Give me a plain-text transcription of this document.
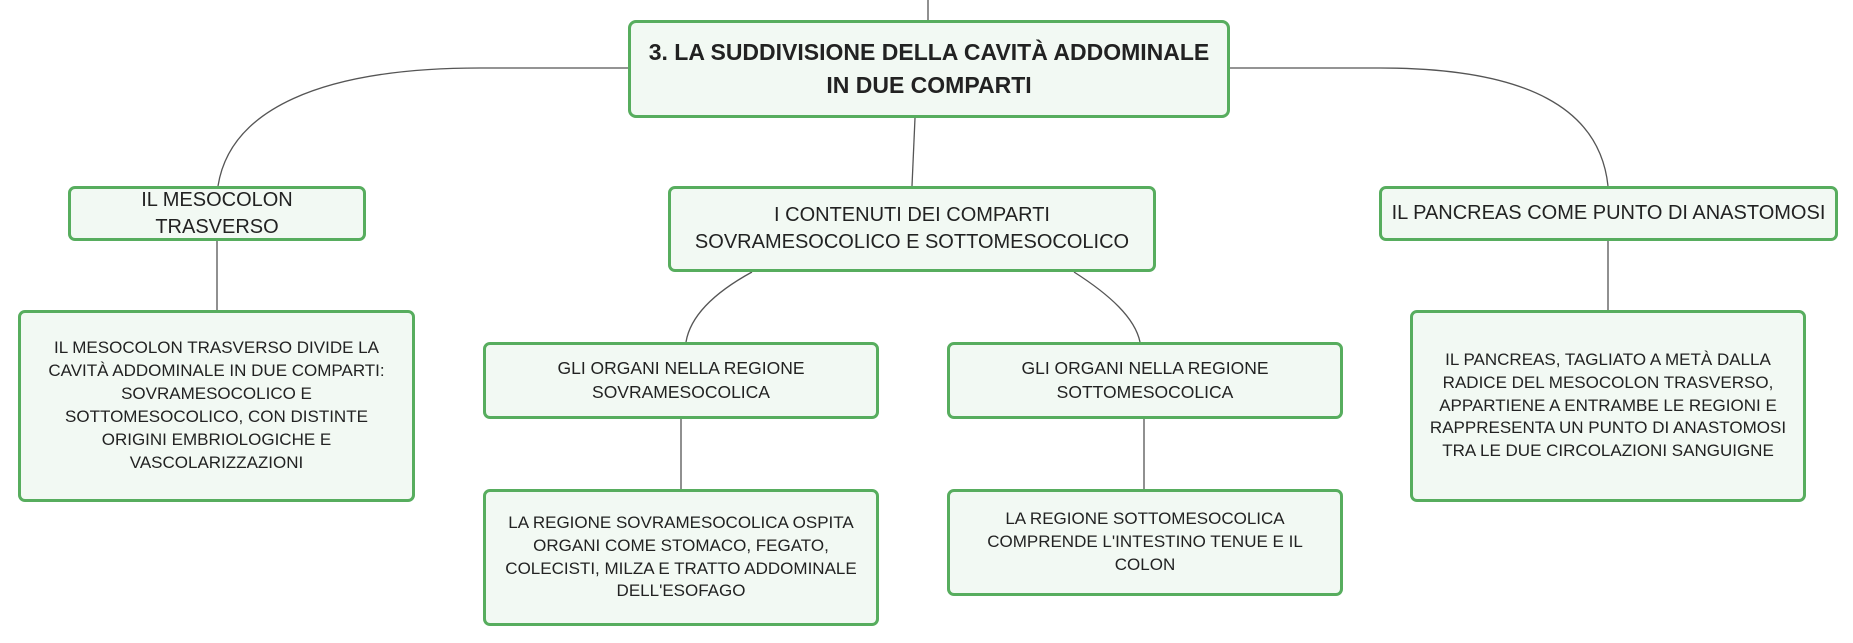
3. LA SUDDIVISIONE DELLA CAVITÀ ADDOMINALE IN DUE COMPARTI
IL MESOCOLON TRASVERSO
I CONTENUTI DEI COMPARTI SOVRAMESOCOLICO E SOTTOMESOCOLICO
IL PANCREAS COME PUNTO DI ANASTOMOSI
IL MESOCOLON TRASVERSO DIVIDE LA CAVITÀ ADDOMINALE IN DUE COMPARTI: SOVRAMESOCOLICO E SOTTOMESOCOLICO, CON DISTINTE ORIGINI EMBRIOLOGICHE E VASCOLARIZZAZIONI
GLI ORGANI NELLA REGIONE SOVRAMESOCOLICA
GLI ORGANI NELLA REGIONE SOTTOMESOCOLICA
IL PANCREAS, TAGLIATO A METÀ DALLA RADICE DEL MESOCOLON TRASVERSO, APPARTIENE A ENTRAMBE LE REGIONI E RAPPRESENTA UN PUNTO DI ANASTOMOSI TRA LE DUE CIRCOLAZIONI SANGUIGNE
LA REGIONE SOVRAMESOCOLICA OSPITA ORGANI COME STOMACO, FEGATO, COLECISTI, MILZA E TRATTO ADDOMINALE DELL'ESOFAGO
LA REGIONE SOTTOMESOCOLICA COMPRENDE L'INTESTINO TENUE E IL COLON
